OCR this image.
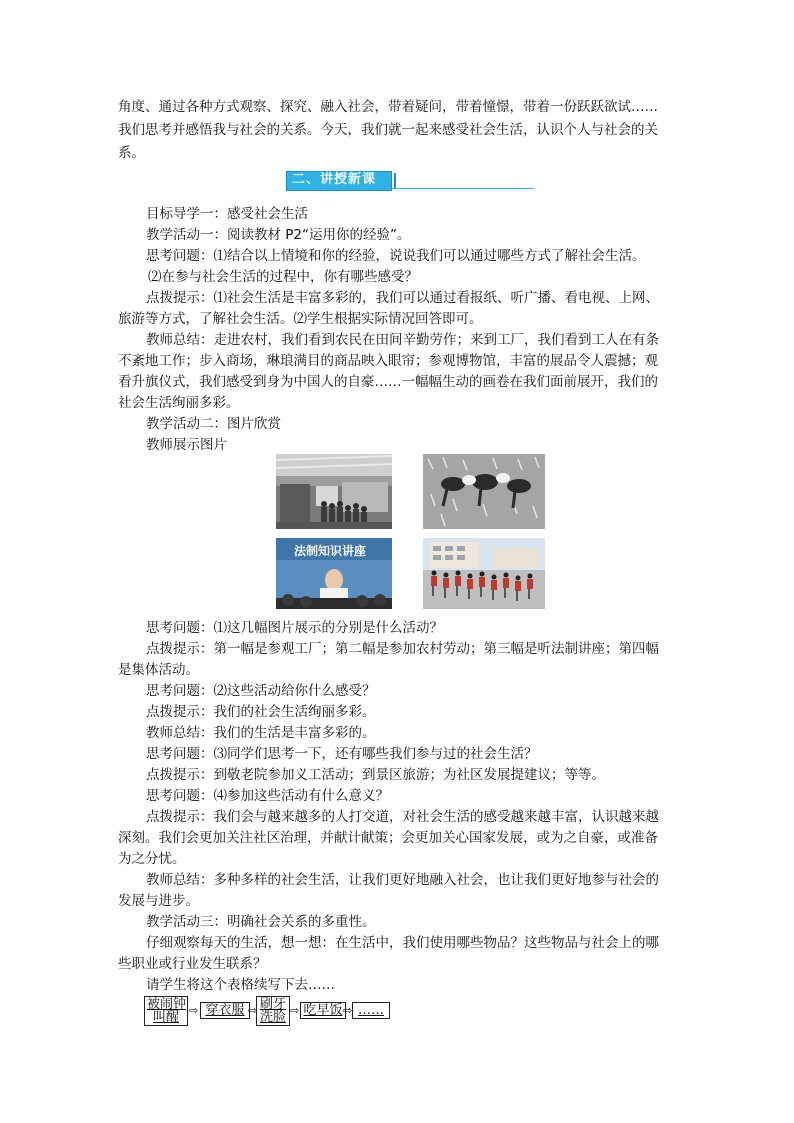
角度、通过各种方式观察、探究、融入社会，带着疑问，带着憧憬，带着一份跃跃欲试……
我们思考并感悟我与社会的关系。今天，我们就一起来感受社会生活，认识个人与社会的关
系。
二、讲授新课
目标导学一：感受社会生活
教学活动一：阅读教材 P2“运用你的经验”。
思考问题：⑴结合以上情境和你的经验，说说我们可以通过哪些方式了解社会生活。
⑵在参与社会生活的过程中，你有哪些感受？
点拨提示：⑴社会生活是丰富多彩的，我们可以通过看报纸、听广播、看电视、上网、
旅游等方式，了解社会生活。⑵学生根据实际情况回答即可。
教师总结：走进农村，我们看到农民在田间辛勤劳作；来到工厂，我们看到工人在有条
不紊地工作；步入商场，琳琅满目的商品映入眼帘；参观博物馆，丰富的展品令人震撼；观
看升旗仪式，我们感受到身为中国人的自豪……一幅幅生动的画卷在我们面前展开，我们的
社会生活绚丽多彩。
教学活动二：图片欣赏
教师展示图片
法制知识讲座
思考问题：⑴这几幅图片展示的分别是什么活动？
点拨提示：第一幅是参观工厂；第二幅是参加农村劳动；第三幅是听法制讲座；第四幅
是集体活动。
思考问题：⑵这些活动给你什么感受？
点拨提示：我们的社会生活绚丽多彩。
教师总结：我们的生活是丰富多彩的。
思考问题：⑶同学们思考一下，还有哪些我们参与过的社会生活？
点拨提示：到敬老院参加义工活动；到景区旅游；为社区发展提建议；等等。
思考问题：⑷参加这些活动有什么意义？
点拨提示：我们会与越来越多的人打交道，对社会生活的感受越来越丰富，认识越来越
深刻。我们会更加关注社区治理，并献计献策；会更加关心国家发展，或为之自豪，或准备
为之分忧。
教师总结：多种多样的社会生活，让我们更好地融入社会，也让我们更好地参与社会的
发展与进步。
教学活动三：明确社会关系的多重性。
仔细观察每天的生活，想一想：在生活中，我们使用哪些物品？这些物品与社会上的哪
些职业或行业发生联系？
请学生将这个表格续写下去……
被闹钟
叫醒 ⇨ 穿衣服 ⇨ 刷牙
洗脸 ⇨ 吃早饭 ⇨ ……
